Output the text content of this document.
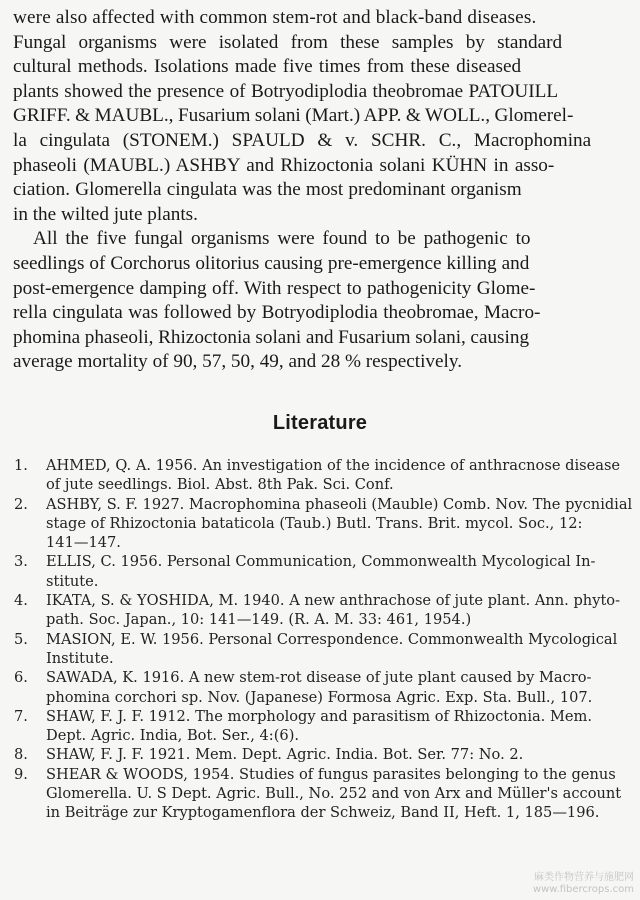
were also affected with common stem-rot and black-band diseases.
Fungal organisms were isolated from these samples by standard
cultural methods. Isolations made five times from these diseased
plants showed the presence of Botryodiplodia theobromae PATOUILL
GRIFF. & MAUBL., Fusarium solani (Mart.) APP. & WOLL., Glomerel-
la cingulata (STONEM.) SPAULD & v. SCHR. C., Macrophomina
phaseoli (MAUBL.) ASHBY and Rhizoctonia solani KÜHN in asso-
ciation. Glomerella cingulata was the most predominant organism
in the wilted jute plants.

All the five fungal organisms were found to be pathogenic to
seedlings of Corchorus olitorius causing pre-emergence killing and
post-emergence damping off. With respect to pathogenicity Glome-
rella cingulata was followed by Botryodiplodia theobromae, Macro-
phomina phaseoli, Rhizoctonia solani and Fusarium solani, causing
average mortality of 90, 57, 50, 49, and 28 % respectively.

Literature
1.	AHMED, Q. A. 1956. An investigation of the incidence of anthracnose disease
of jute seedlings. Biol. Abst. 8th Pak. Sci. Conf.
2.	ASHBY, S. F. 1927. Macrophomina phaseoli (Mauble) Comb. Nov. The pycnidial
stage of Rhizoctonia bataticola (Taub.) Butl. Trans. Brit. mycol. Soc., 12:
141—147.
3.	ELLIS, C. 1956. Personal Communication, Commonwealth Mycological In-
stitute.
4.	IKATA, S. & YOSHIDA, M. 1940. A new anthrachose of jute plant. Ann. phyto-
path. Soc. Japan., 10: 141—149. (R. A. M. 33: 461, 1954.)
5.	MASION, E. W. 1956. Personal Correspondence. Commonwealth Mycological
Institute.
6.	SAWADA, K. 1916. A new stem-rot disease of jute plant caused by Macro-
phomina corchori sp. Nov. (Japanese) Formosa Agric. Exp. Sta. Bull., 107.
7.	SHAW, F. J. F. 1912. The morphology and parasitism of Rhizoctonia. Mem.
Dept. Agric. India, Bot. Ser., 4:(6).
8.	SHAW, F. J. F. 1921. Mem. Dept. Agric. India. Bot. Ser. 77: No. 2.
9.	SHEAR & WOODS, 1954. Studies of fungus parasites belonging to the genus
Glomerella. U. S Dept. Agric. Bull., No. 252 and von Arx and Müller's account
in Beiträge zur Kryptogamenflora der Schweiz, Band II, Heft. 1, 185—196.
麻类作物营养与施肥网
www.fibercrops.com
